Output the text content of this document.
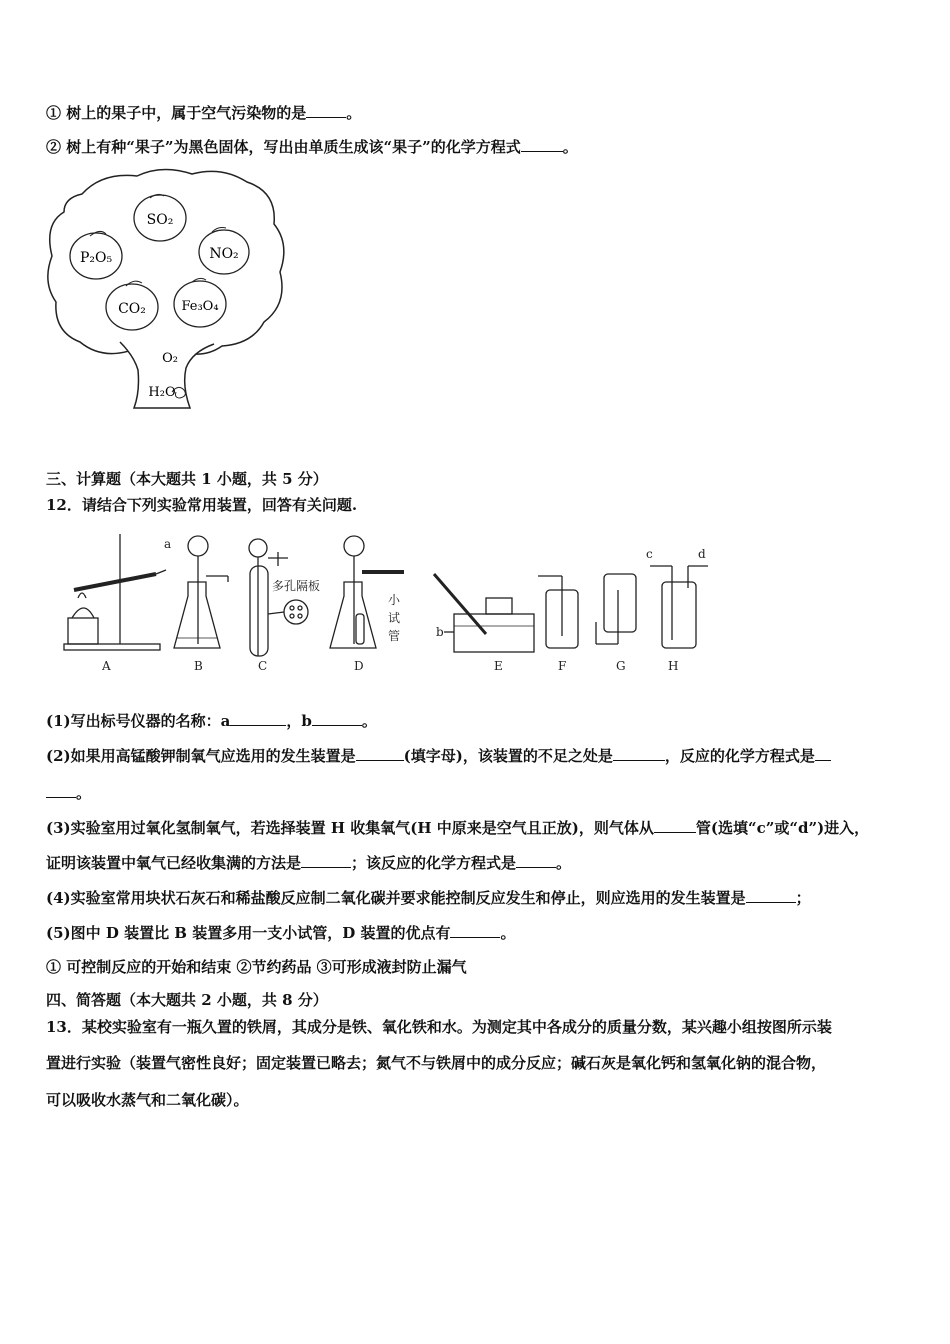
① 树上的果子中，属于空气污染物的是	。
② 树上有种“果子”为黑色固体，写出由单质生成该“果子”的化学方程式	。
SO₂
P₂O₅	NO₂
CO₂	Fe₃O₄
O₂
H₂O
三、计算题（本大题共 1 小题，共 5 分）
12．请结合下列实验常用装置，回答有关问题.
a
b
c	d
多孔隔板
小
试
管
A	B	C	D	E	F	G	H
(1)写出标号仪器的名称：a	，b	。
(2)如果用高锰酸钾制氧气应选用的发生装置是	(填字母)，该装置的不足之处是	，反应的化学方程式是
。
(3)实验室用过氧化氢制氧气，若选择装置 H 收集氧气(H 中原来是空气且正放)，则气体从	管(选填“c”或“d”)进入，
证明该装置中氧气已经收集满的方法是	；该反应的化学方程式是	。
(4)实验室常用块状石灰石和稀盐酸反应制二氧化碳并要求能控制反应发生和停止，则应选用的发生装置是	；
(5)图中 D 装置比 B 装置多用一支小试管，D 装置的优点有	。
① 可控制反应的开始和结束 ②节约药品 ③可形成液封防止漏气
四、简答题（本大题共 2 小题，共 8 分）
13．某校实验室有一瓶久置的铁屑，其成分是铁、氧化铁和水。为测定其中各成分的质量分数，某兴趣小组按图所示装
置进行实验（装置气密性良好；固定装置已略去；氮气不与铁屑中的成分反应；碱石灰是氧化钙和氢氧化钠的混合物，
可以吸收水蒸气和二氧化碳）。
